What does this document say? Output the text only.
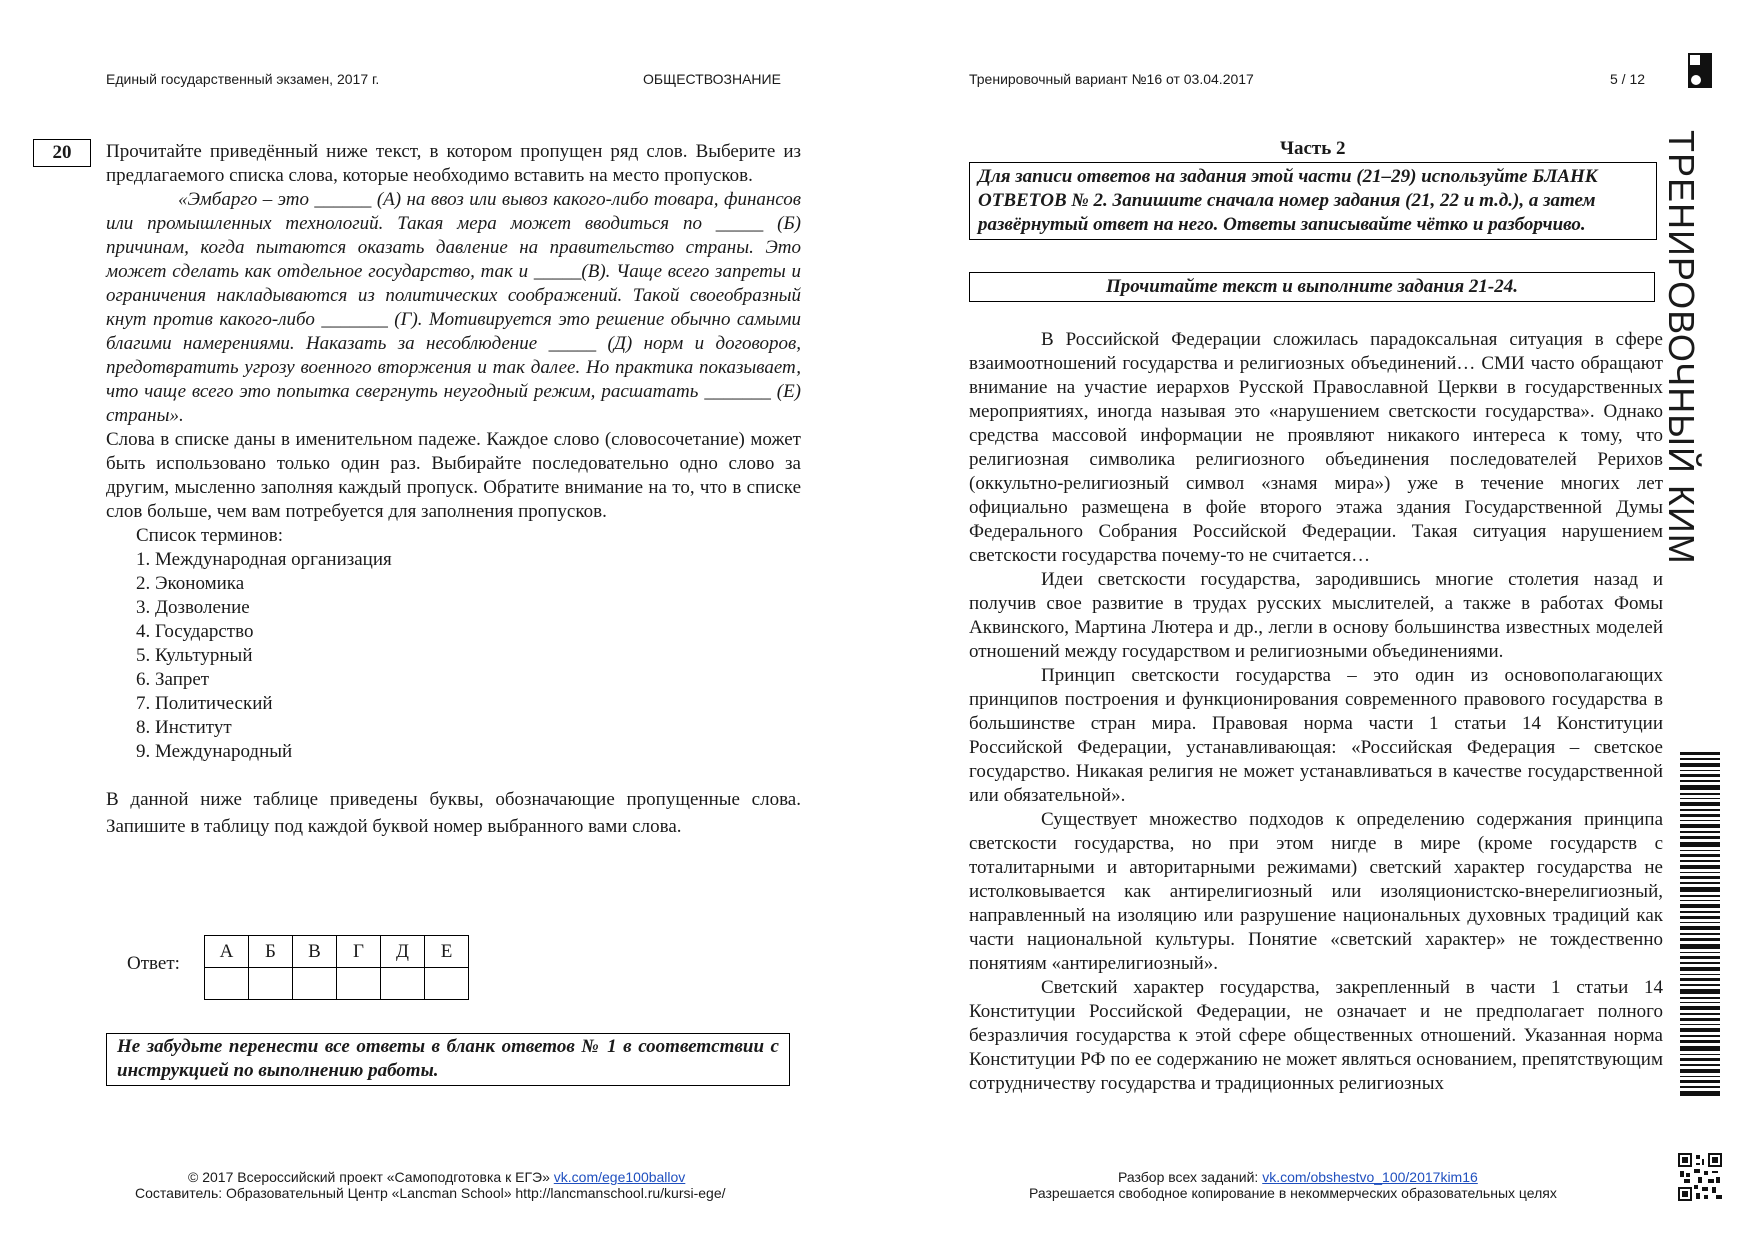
Единый государственный экзамен, 2017 г.	ОБЩЕСТВОЗНАНИЕ	Тренировочный вариант №16 от 03.04.2017	5 / 12
ТРЕНИРОВОЧНЫЙ КИМ
20	Прочитайте приведённый ниже текст, в котором пропущен ряд слов. Выберите из предлагаемого списка слова, которые необходимо вставить на место пропусков.

«Эмбарго – это ______ (А) на ввоз или вывоз какого-либо товара, финансов или промышленных технологий. Такая мера может вводиться по _____ (Б) причинам, когда пытаются оказать давление на правительство страны. Это может сделать как отдельное государство, так и _____(В). Чаще всего запреты и ограничения накладываются из политических соображений. Такой своеобразный кнут против какого-либо _______ (Г). Мотивируется это решение обычно самыми благими намерениями. Наказать за несоблюдение _____ (Д) норм и договоров, предотвратить угрозу военного вторжения и так далее. Но практика показывает, что чаще всего это попытка свергнуть неугодный режим, расшатать _______ (Е) страны».

Слова в списке даны в именительном падеже. Каждое слово (словосочетание) может быть использовано только один раз. Выбирайте последовательно одно слово за другим, мысленно заполняя каждый пропуск. Обратите внимание на то, что в списке слов больше, чем вам потребуется для заполнения пропусков.

Список терминов:
1. Международная организация
2. Экономика
3. Дозволение
4. Государство
5. Культурный
6. Запрет
7. Политический
8. Институт
9. Международный

В данной ниже таблице приведены буквы, обозначающие пропущенные слова. Запишите в таблицу под каждой буквой номер выбранного вами слова.

Ответ:
А	Б	В	Г	Д	Е

Не забудьте перенести все ответы в бланк ответов № 1 в соответствии с инструкцией по выполнению работы.
Часть 2
Для записи ответов на задания этой части (21–29) используйте БЛАНК ОТВЕТОВ № 2. Запишите сначала номер задания (21, 22 и т.д.), а затем развёрнутый ответ на него. Ответы записывайте чётко и разборчиво.
Прочитайте текст и выполните задания 21-24.

В Российской Федерации сложилась парадоксальная ситуация в сфере взаимоотношений государства и религиозных объединений… СМИ часто обращают внимание на участие иерархов Русской Православной Церкви в государственных мероприятиях, иногда называя это «нарушением светскости государства». Однако средства массовой информации не проявляют никакого интереса к тому, что религиозная символика религиозного объединения последователей Рерихов (оккультно-религиозный символ «знамя мира») уже в течение многих лет официально размещена в фойе второго этажа здания Государственной Думы Федерального Собрания Российской Федерации. Такая ситуация нарушением светскости государства почему-то не считается…

Идеи светскости государства, зародившись многие столетия назад и получив свое развитие в трудах русских мыслителей, а также в работах Фомы Аквинского, Мартина Лютера и др., легли в основу большинства известных моделей отношений между государством и религиозными объединениями.

Принцип светскости государства – это один из основополагающих принципов построения и функционирования современного правового государства в большинстве стран мира. Правовая норма части 1 статьи 14 Конституции Российской Федерации, устанавливающая: «Российская Федерация – светское государство. Никакая религия не может устанавливаться в качестве государственной или обязательной».

Существует множество подходов к определению содержания принципа светскости государства, но при этом нигде в мире (кроме государств с тоталитарными и авторитарными режимами) светский характер государства не истолковывается как антирелигиозный или изоляционистско-внерелигиозный, направленный на изоляцию или разрушение национальных духовных традиций как части национальной культуры. Понятие «светский характер» не тождественно понятиям «антирелигиозный».

Светский характер государства, закрепленный в части 1 статьи 14 Конституции Российской Федерации, не означает и не предполагает полного безразличия государства к этой сфере общественных отношений. Указанная норма Конституции РФ по ее содержанию не может являться основанием, препятствующим сотрудничеству государства и традиционных религиозных

© 2017 Всероссийский проект «Самоподготовка к ЕГЭ» vk.com/ege100ballov
Составитель: Образовательный Центр «Lancman School» http://lancmanschool.ru/kursi-ege/
Разбор всех заданий: vk.com/obshestvo_100/2017kim16
Разрешается свободное копирование в некоммерческих образовательных целях
